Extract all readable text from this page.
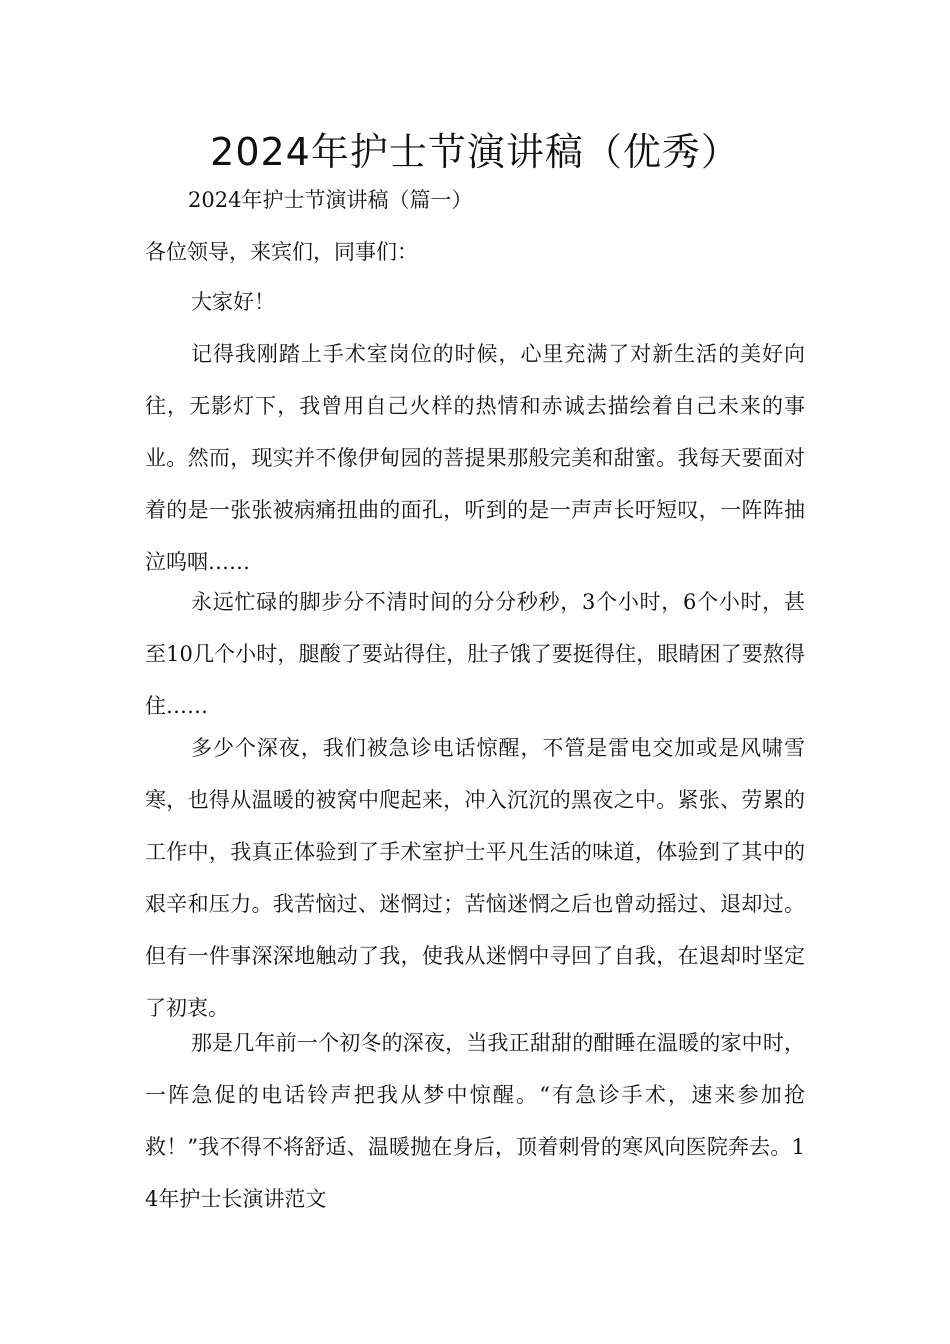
2024年护士节演讲稿（优秀）

2024年护士节演讲稿（篇一）

各位领导，来宾们，同事们：

大家好！

记得我刚踏上手术室岗位的时候，心里充满了对新生活的美好向往，无影灯下，我曾用自己火样的热情和赤诚去描绘着自己未来的事业。然而，现实并不像伊甸园的菩提果那般完美和甜蜜。我每天要面对着的是一张张被病痛扭曲的面孔，听到的是一声声长吁短叹，一阵阵抽泣呜咽……

永远忙碌的脚步分不清时间的分分秒秒，3个小时，6个小时，甚至10几个小时，腿酸了要站得住，肚子饿了要挺得住，眼睛困了要熬得住……

多少个深夜，我们被急诊电话惊醒，不管是雷电交加或是风啸雪寒，也得从温暖的被窝中爬起来，冲入沉沉的黑夜之中。紧张、劳累的工作中，我真正体验到了手术室护士平凡生活的味道，体验到了其中的艰辛和压力。我苦恼过、迷惘过；苦恼迷惘之后也曾动摇过、退却过。但有一件事深深地触动了我，使我从迷惘中寻回了自我，在退却时坚定了初衷。

那是几年前一个初冬的深夜，当我正甜甜的酣睡在温暖的家中时，一阵急促的电话铃声把我从梦中惊醒。“有急诊手术，速来参加抢救！”我不得不将舒适、温暖抛在身后，顶着刺骨的寒风向医院奔去。14年护士长演讲范文
